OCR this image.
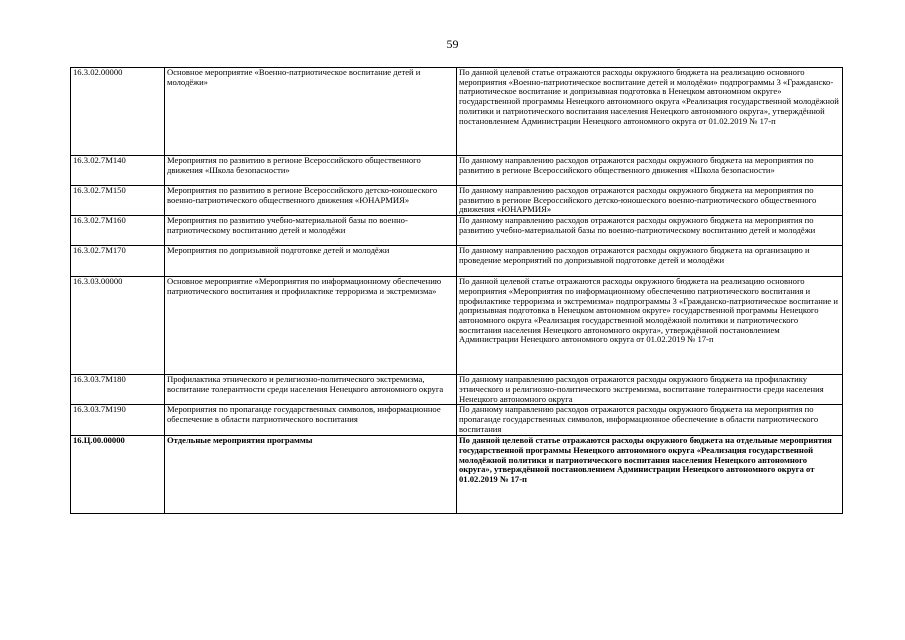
59
16.3.02.00000	Основное мероприятие «Военно-патриотическое воспитание детей и молодёжи»	По данной целевой статье отражаются расходы окружного бюджета на реализацию основного мероприятия «Военно-патриотическое воспитание детей и молодёжи» подпрограммы 3 «Гражданско-патриотическое воспитание и допризывная подготовка в Ненецком автономном округе» государственной программы Ненецкого автономного округа «Реализация государственной молодёжной политики и патриотического воспитания населения Ненецкого автономного округа», утверждённой постановлением Администрации Ненецкого автономного округа от 01.02.2019 № 17-п
16.3.02.7М140	Мероприятия по развитию в регионе Всероссийского общественного движения «Школа безопасности»	По данному направлению расходов отражаются расходы окружного бюджета на мероприятия по развитию в регионе Всероссийского общественного движения «Школа безопасности»
16.3.02.7М150	Мероприятия по развитию в регионе Всероссийского детско-юношеского военно-патриотического общественного движения «ЮНАРМИЯ»	По данному направлению расходов отражаются расходы окружного бюджета на мероприятия по развитию в регионе Всероссийского детско-юношеского военно-патриотического общественного движения «ЮНАРМИЯ»
16.3.02.7М160	Мероприятия по развитию учебно-материальной базы по военно-патриотическому воспитанию детей и молодёжи	По данному направлению расходов отражаются расходы окружного бюджета на мероприятия по развитию учебно-материальной базы по военно-патриотическому воспитанию детей и молодёжи
16.3.02.7М170	Мероприятия по допризывной подготовке детей и молодёжи	По данному направлению расходов отражаются расходы окружного бюджета на организацию и проведение мероприятий по допризывной подготовке детей и молодёжи
16.3.03.00000	Основное мероприятие «Мероприятия по информационному обеспечению патриотического воспитания и профилактике терроризма и экстремизма»	По данной целевой статье отражаются расходы окружного бюджета на реализацию основного мероприятия «Мероприятия по информационному обеспечению патриотического воспитания и профилактике терроризма и экстремизма» подпрограммы 3 «Гражданско-патриотическое воспитание и допризывная подготовка в Ненецком автономном округе» государственной программы Ненецкого автономного округа «Реализация государственной молодёжной политики и патриотического воспитания населения Ненецкого автономного округа», утверждённой постановлением Администрации Ненецкого автономного округа от 01.02.2019 № 17-п
16.3.03.7М180	Профилактика этнического и религиозно-политического экстремизма, воспитание толерантности среди населения Ненецкого автономного округа	По данному направлению расходов отражаются расходы окружного бюджета на профилактику этнического и религиозно-политического экстремизма, воспитание толерантности среди населения Ненецкого автономного округа
16.3.03.7М190	Мероприятия по пропаганде государственных символов, информационное обеспечение в области патриотического воспитания	По данному направлению расходов отражаются расходы окружного бюджета на мероприятия по пропаганде государственных символов, информационное обеспечение в области патриотического воспитания
16.Ц.00.00000	Отдельные мероприятия программы	По данной целевой статье отражаются расходы окружного бюджета на отдельные мероприятия государственной программы Ненецкого автономного округа «Реализация государственной молодёжной политики и патриотического воспитания населения Ненецкого автономного округа», утверждённой постановлением Администрации Ненецкого автономного округа от 01.02.2019 № 17-п
